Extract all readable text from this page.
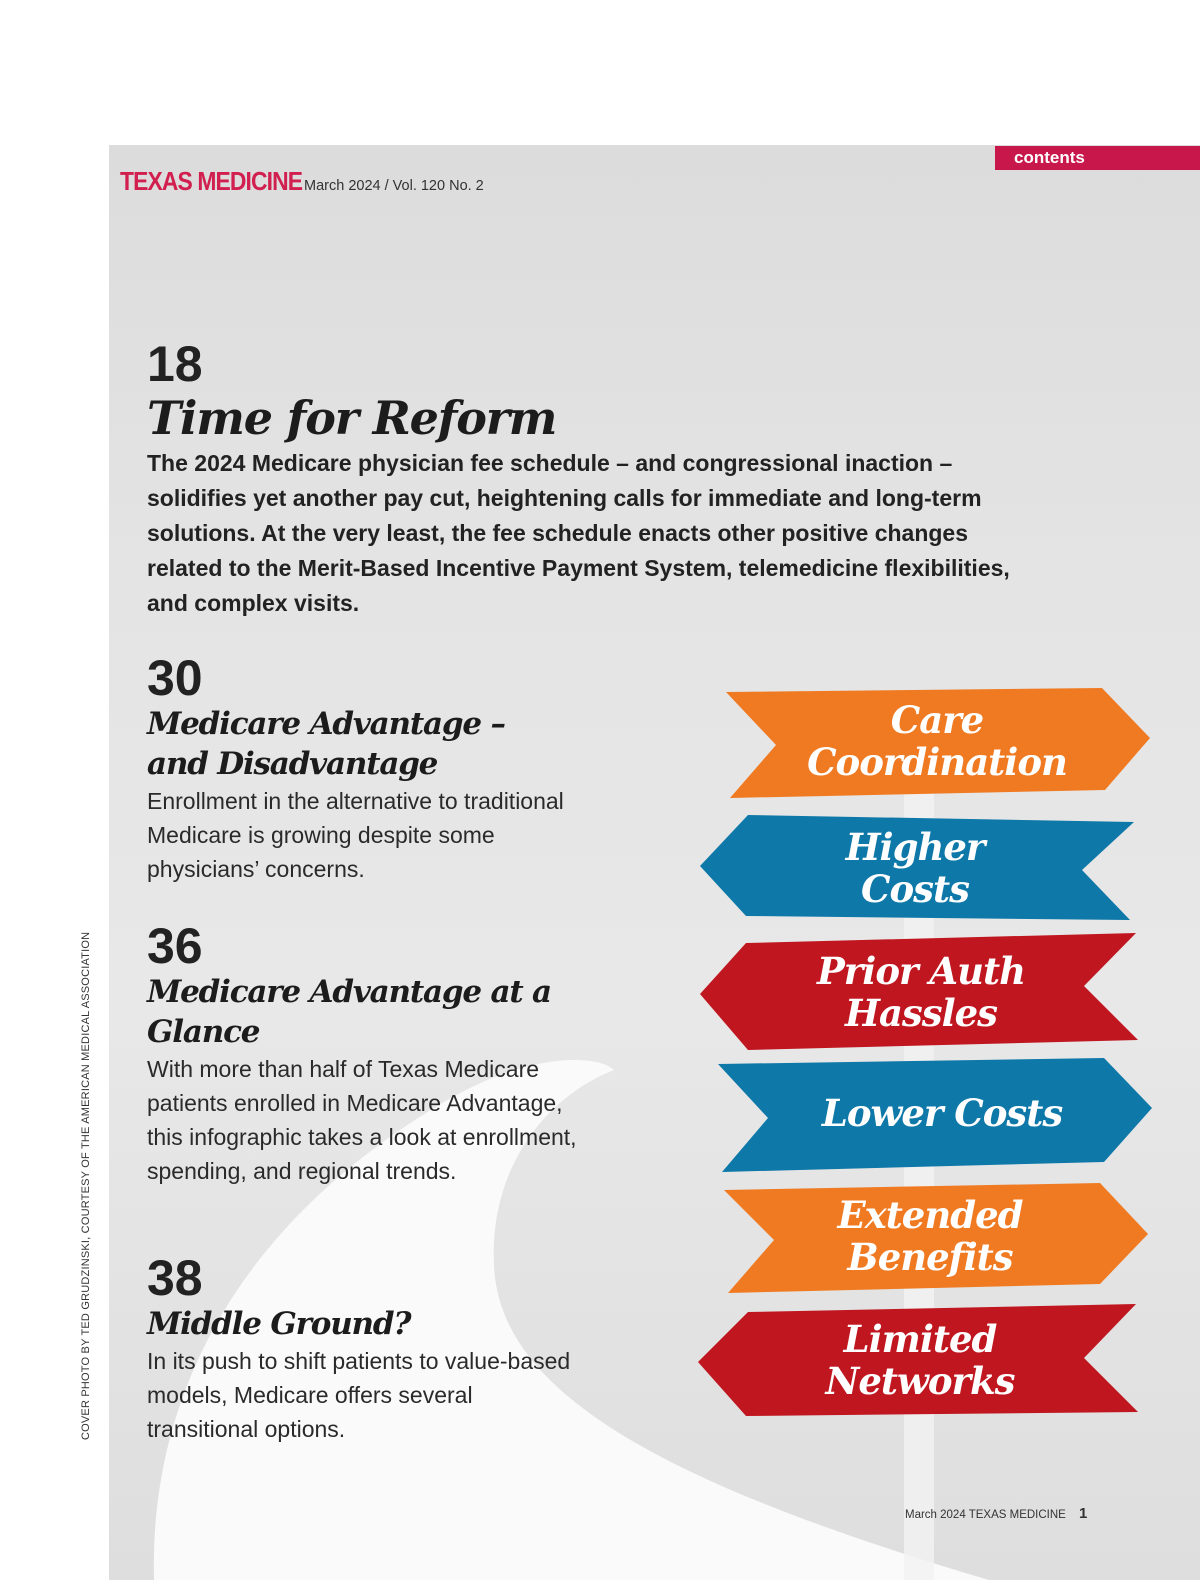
contents
TEXAS MEDICINE March 2024 / Vol. 120 No. 2
18
Time for Reform
The 2024 Medicare physician fee schedule – and congressional inaction – solidifies yet another pay cut, heightening calls for immediate and long-term solutions. At the very least, the fee schedule enacts other positive changes related to the Merit-Based Incentive Payment System, telemedicine flexibilities, and complex visits.
30
Medicare Advantage – and Disadvantage
Enrollment in the alternative to traditional Medicare is growing despite some physicians’ concerns.
36
Medicare Advantage at a Glance
With more than half of Texas Medicare patients enrolled in Medicare Advantage, this infographic takes a look at enrollment, spending, and regional trends.
38
Middle Ground?
In its push to shift patients to value-based models, Medicare offers several transitional options.
Care
Coordination
Higher
Costs
Prior Auth
Hassles
Lower Costs
Extended
Benefits
Limited
Networks
COVER PHOTO BY TED GRUDZINSKI, COURTESY OF THE AMERICAN MEDICAL ASSOCIATION
March 2024 TEXAS MEDICINE 1
